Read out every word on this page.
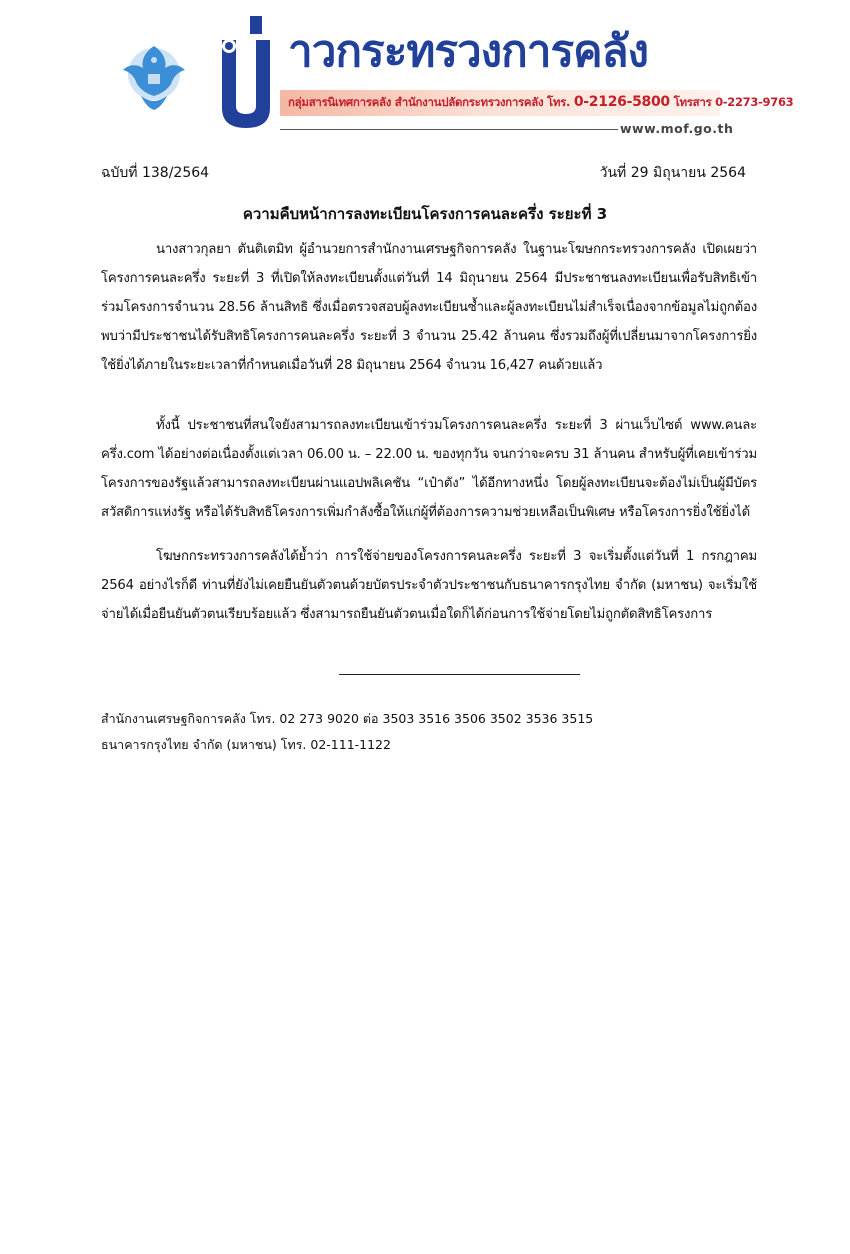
าวกระทรวงการคลัง
กลุ่มสารนิเทศการคลัง สำนักงานปลัดกระทรวงการคลัง โทร. 0-2126-5800 โทรสาร 0-2273-9763
www.mof.go.th
ฉบับที่ 138/2564	วันที่ 29 มิถุนายน 2564
ความคืบหน้าการลงทะเบียนโครงการคนละครึ่ง ระยะที่ 3

นางสาวกุลยา ตันติเตมิท ผู้อำนวยการสำนักงานเศรษฐกิจการคลัง ในฐานะโฆษกกระทรวงการคลัง เปิดเผยว่า โครงการคนละครึ่ง ระยะที่ 3 ที่เปิดให้ลงทะเบียนตั้งแต่วันที่ 14 มิถุนายน 2564 มีประชาชนลงทะเบียนเพื่อรับสิทธิเข้าร่วมโครงการจำนวน 28.56 ล้านสิทธิ ซึ่งเมื่อตรวจสอบผู้ลงทะเบียนซ้ำและผู้ลงทะเบียนไม่สำเร็จเนื่องจากข้อมูลไม่ถูกต้อง พบว่ามีประชาชนได้รับสิทธิโครงการคนละครึ่ง ระยะที่ 3 จำนวน 25.42 ล้านคน ซึ่งรวมถึงผู้ที่เปลี่ยนมาจากโครงการยิ่งใช้ยิ่งได้ภายในระยะเวลาที่กำหนดเมื่อวันที่ 28 มิถุนายน 2564 จำนวน 16,427 คนด้วยแล้ว

ทั้งนี้ ประชาชนที่สนใจยังสามารถลงทะเบียนเข้าร่วมโครงการคนละครึ่ง ระยะที่ 3 ผ่านเว็บไซต์ www.คนละครึ่ง.com ได้อย่างต่อเนื่องตั้งแต่เวลา 06.00 น. – 22.00 น. ของทุกวัน จนกว่าจะครบ 31 ล้านคน สำหรับผู้ที่เคยเข้าร่วมโครงการของรัฐแล้วสามารถลงทะเบียนผ่านแอปพลิเคชัน “เป๋าตัง” ได้อีกทางหนึ่ง โดยผู้ลงทะเบียนจะต้องไม่เป็นผู้มีบัตรสวัสดิการแห่งรัฐ หรือได้รับสิทธิโครงการเพิ่มกำลังซื้อให้แก่ผู้ที่ต้องการความช่วยเหลือเป็นพิเศษ หรือโครงการยิ่งใช้ยิ่งได้

โฆษกกระทรวงการคลังได้ย้ำว่า การใช้จ่ายของโครงการคนละครึ่ง ระยะที่ 3 จะเริ่มตั้งแต่วันที่ 1 กรกฎาคม 2564 อย่างไรก็ดี ท่านที่ยังไม่เคยยืนยันตัวตนด้วยบัตรประจำตัวประชาชนกับธนาคารกรุงไทย จำกัด (มหาชน) จะเริ่มใช้จ่ายได้เมื่อยืนยันตัวตนเรียบร้อยแล้ว ซึ่งสามารถยืนยันตัวตนเมื่อใดก็ได้ก่อนการใช้จ่ายโดยไม่ถูกตัดสิทธิโครงการ

สำนักงานเศรษฐกิจการคลัง โทร. 02 273 9020 ต่อ 3503 3516 3506 3502 3536 3515
ธนาคารกรุงไทย จำกัด (มหาชน) โทร. 02-111-1122
